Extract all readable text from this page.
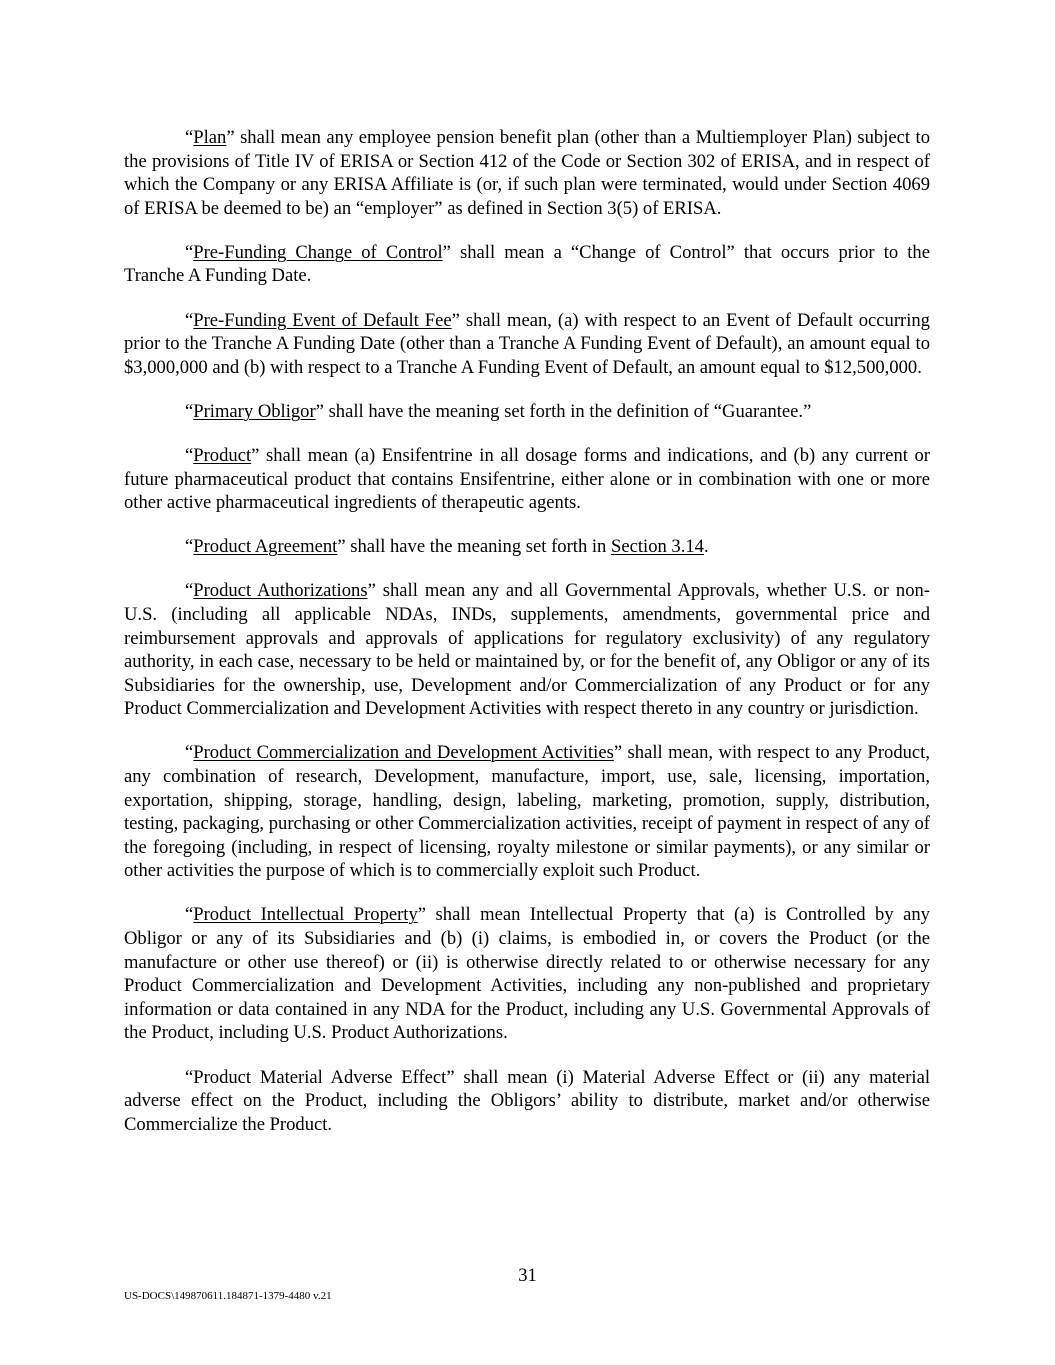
“Plan” shall mean any employee pension benefit plan (other than a Multiemployer Plan) subject to the provisions of Title IV of ERISA or Section 412 of the Code or Section 302 of ERISA, and in respect of which the Company or any ERISA Affiliate is (or, if such plan were terminated, would under Section 4069 of ERISA be deemed to be) an “employer” as defined in Section 3(5) of ERISA.

“Pre-Funding Change of Control” shall mean a “Change of Control” that occurs prior to the Tranche A Funding Date.

“Pre-Funding Event of Default Fee” shall mean, (a) with respect to an Event of Default occurring prior to the Tranche A Funding Date (other than a Tranche A Funding Event of Default), an amount equal to $3,000,000 and (b) with respect to a Tranche A Funding Event of Default, an amount equal to $12,500,000.

“Primary Obligor” shall have the meaning set forth in the definition of “Guarantee.”

“Product” shall mean (a) Ensifentrine in all dosage forms and indications, and (b) any current or future pharmaceutical product that contains Ensifentrine, either alone or in combination with one or more other active pharmaceutical ingredients of therapeutic agents.

“Product Agreement” shall have the meaning set forth in Section 3.14.

“Product Authorizations” shall mean any and all Governmental Approvals, whether U.S. or non-U.S. (including all applicable NDAs, INDs, supplements, amendments, governmental price and reimbursement approvals and approvals of applications for regulatory exclusivity) of any regulatory authority, in each case, necessary to be held or maintained by, or for the benefit of, any Obligor or any of its Subsidiaries for the ownership, use, Development and/or Commercialization of any Product or for any Product Commercialization and Development Activities with respect thereto in any country or jurisdiction.

“Product Commercialization and Development Activities” shall mean, with respect to any Product, any combination of research, Development, manufacture, import, use, sale, licensing, importation, exportation, shipping, storage, handling, design, labeling, marketing, promotion, supply, distribution, testing, packaging, purchasing or other Commercialization activities, receipt of payment in respect of any of the foregoing (including, in respect of licensing, royalty milestone or similar payments), or any similar or other activities the purpose of which is to commercially exploit such Product.

“Product Intellectual Property” shall mean Intellectual Property that (a) is Controlled by any Obligor or any of its Subsidiaries and (b) (i) claims, is embodied in, or covers the Product (or the manufacture or other use thereof) or (ii) is otherwise directly related to or otherwise necessary for any Product Commercialization and Development Activities, including any non-published and proprietary information or data contained in any NDA for the Product, including any U.S. Governmental Approvals of the Product, including U.S. Product Authorizations.

“Product Material Adverse Effect” shall mean (i) Material Adverse Effect or (ii) any material adverse effect on the Product, including the Obligors’ ability to distribute, market and/or otherwise Commercialize the Product.

31
US-DOCS\149870611.184871-1379-4480 v.21
